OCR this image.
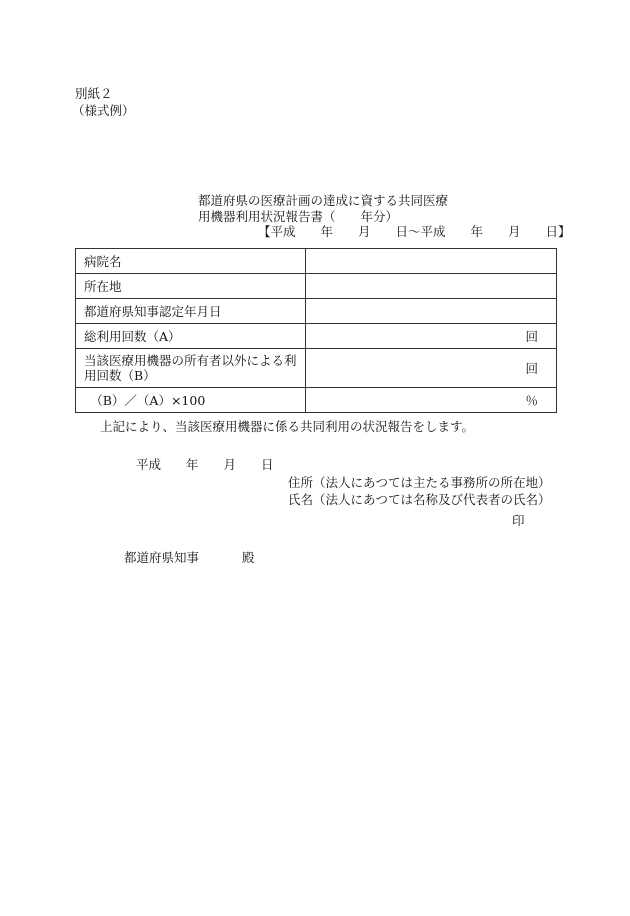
別紙２
（様式例）
都道府県の医療計画の達成に資する共同医療
用機器利用状況報告書（　　年分）
【平成　　年　　月　　日～平成　　年　　月　　日】
病院名	
所在地	
都道府県知事認定年月日	
総利用回数（A）	回
当該医療用機器の所有者以外による利用回数（B）	回
　（B）／（A）×100	％
上記により、当該医療用機器に係る共同利用の状況報告をします。
平成　　年　　月　　日
住所（法人にあつては主たる事務所の所在地）
氏名（法人にあつては名称及び代表者の氏名）
印
都道府県知事	殿
